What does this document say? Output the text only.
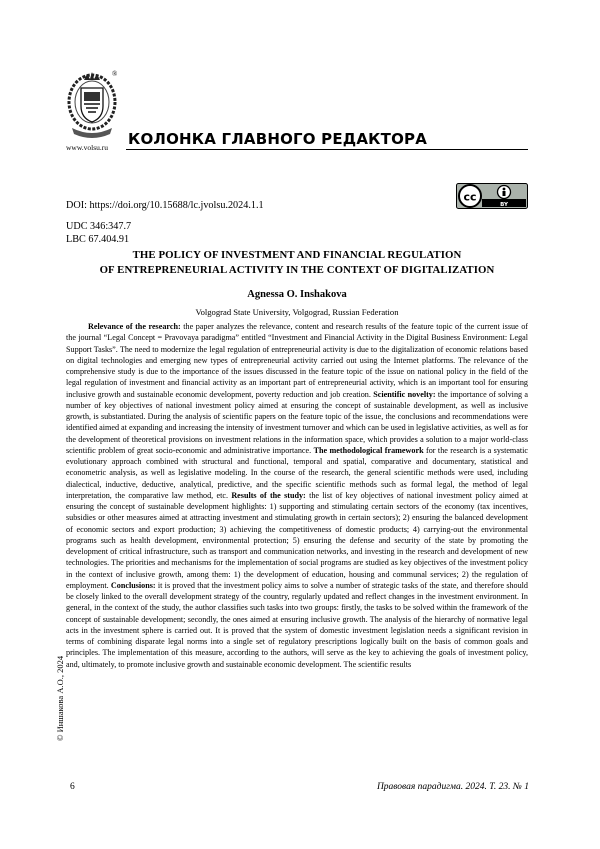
®
www.volsu.ru КОЛОНКА ГЛАВНОГО РЕДАКТОРА
DOI: https://doi.org/10.15688/lc.jvolsu.2024.1.1
UDC 346:347.7
LBC 67.404.91
cc
BY
THE POLICY OF INVESTMENT AND FINANCIAL REGULATION
OF ENTREPRENEURIAL ACTIVITY IN THE CONTEXT OF DIGITALIZATION
Agnessa O. Inshakova
Volgograd State University, Volgograd, Russian Federation

Relevance of the research: the paper analyzes the relevance, content and research results of the feature topic of the current issue of the journal “Legal Concept = Pravovaya paradigma” entitled “Investment and Financial Activity in the Digital Business Environment: Legal Support Tasks”. The need to modernize the legal regulation of entrepreneurial activity is due to the digitalization of economic relations based on digital technologies and emerging new types of entrepreneurial activity carried out using the Internet platforms. The relevance of the comprehensive study is due to the importance of the issues discussed in the feature topic of the issue on national policy in the field of the legal regulation of investment and financial activity as an important part of entrepreneurial activity, which is an important tool for ensuring inclusive growth and sustainable economic development, poverty reduction and job creation. Scientific novelty: the importance of solving a number of key objectives of national investment policy aimed at ensuring the concept of sustainable development, as well as inclusive growth, is substantiated. During the analysis of scientific papers on the feature topic of the issue, the conclusions and recommendations were identified aimed at expanding and increasing the intensity of investment turnover and which can be used in legislative activities, as well as for the development of theoretical provisions on investment relations in the information space, which provides a solution to a major world-class scientific problem of great socio-economic and administrative importance. The methodological framework for the research is a systematic evolutionary approach combined with structural and functional, temporal and spatial, comparative and documentary, statistical and econometric analysis, as well as legislative modeling. In the course of the research, the general scientific methods were used, including dialectical, inductive, deductive, analytical, predictive, and the specific scientific methods such as formal legal, the method of legal interpretation, the comparative law method, etc. Results of the study: the list of key objectives of national investment policy aimed at ensuring the concept of sustainable development highlights: 1) supporting and stimulating certain sectors of the economy (tax incentives, subsidies or other measures aimed at attracting investment and stimulating growth in certain sectors); 2) ensuring the balanced development of economic sectors and export production; 3) achieving the competitiveness of domestic products; 4) carrying-out the environmental programs such as health development, environmental protection; 5) ensuring the defense and security of the state by promoting the development of critical infrastructure, such as transport and communication networks, and investing in the research and development of new technologies. The priorities and mechanisms for the implementation of social programs are studied as key objectives of the investment policy in the context of inclusive growth, among them: 1) the development of education, housing and communal services; 2) the regulation of employment. Conclusions: it is proved that the investment policy aims to solve a number of strategic tasks of the state, and therefore should be closely linked to the overall development strategy of the country, regularly updated and reflect changes in the investment environment. In general, in the context of the study, the author classifies such tasks into two groups: firstly, the tasks to be solved within the framework of the concept of sustainable development; secondly, the ones aimed at ensuring inclusive growth. The analysis of the hierarchy of normative legal acts in the investment sphere is carried out. It is proved that the system of domestic investment legislation needs a significant revision in terms of combining disparate legal norms into a single set of regulatory prescriptions logically built on the basis of common goals and principles. The implementation of this measure, according to the authors, will serve as the key to achieving the goals of investment policy, and, ultimately, to promote inclusive growth and sustainable economic development. The scientific results

© Иншакова А.О., 2024
6	Правовая парадигма. 2024. Т. 23. № 1
